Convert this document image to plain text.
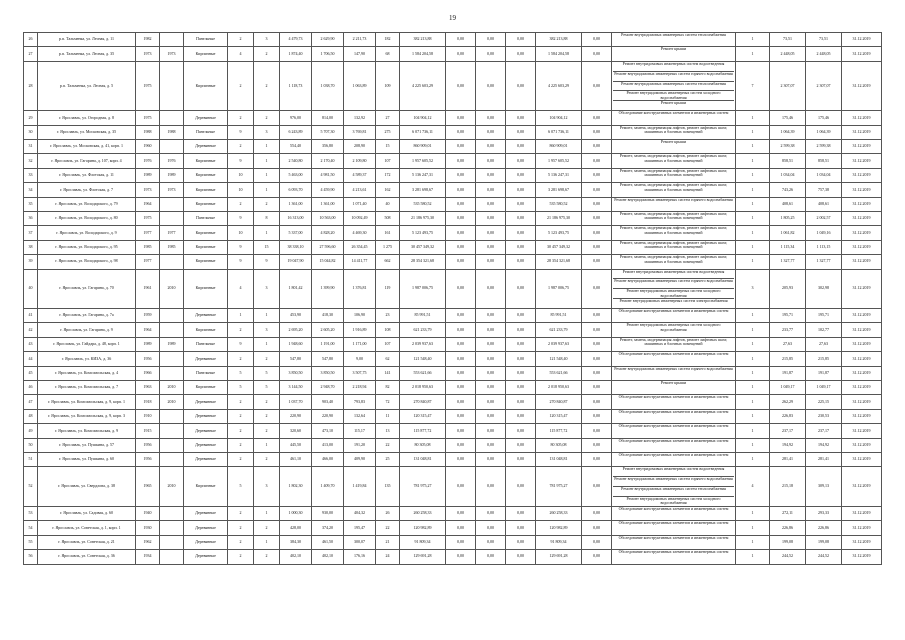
19
26	р.п. Тальменка, ул. Лесная, д. 11	1982		Панельные	2	3	4 479,73	2 629,90	2 211,73	182	382 213,88	0,00	0,00	0,00	382 213,88	0,00	Ремонт внутридомовых инженерных систем теплоснабжения	1	73,51	73,51	31.12.2019
27	р.п. Тальменка, ул. Лесная, д. 35	1973	1973	Кирпичные	4	2	1 874,40	1 706,50	147,90	68	1 584 204,58	0,00	0,00	0,00	1 584 204,58	0,00	Ремонт крыши	1	2 448,05	2 448,05	31.12.2019
28	р.п. Тальменка, ул. Лесная, д. 5	1975		Кирпичные	2	2	1 118,73	1 038,70	1 063,89	109	4 225 603,29	0,00	0,00	0,00	4 225 603,29	0,00	Ремонт внутридомовых инженерных систем водоотведения
Ремонт внутридомовых инженерных систем горячего водоснабжения
Ремонт внутридомовых инженерных систем теплоснабжения
Ремонт внутридомовых инженерных систем холодного водоснабжения
Ремонт крыши	7	2 307,07	2 307,07	31.12.2019
29	г. Ярославль, ул. Огородная, д. 8	1975		Деревянные	2	2	976,00	814,00	132,92	27	104 904,12	0,00	0,00	0,00	104 904,12	0,00	Обследование конструктивных элементов и инженерных систем	1	175,46	175,46	31.12.2019
30	г. Ярославль, ул. Московская, д. 35	1988	1988	Панельные	9	3	6 243,89	5 707,30	3 769,81	275	6 071 736,11	0,00	0,00	0,00	6 071 736,11	0,00	Ремонт, замена, модернизация лифтов, ремонт лифтовых шахт, машинных и блочных помещений	1	1 064,39	1 064,39	31.12.2019
31	г. Ярославль, ул. Московская, д. 41, корп. 1	1960		Деревянные	2	1	554,40	356,80	208,90	15	860 909,01	0,00	0,00	0,00	860 909,01	0,00	Ремонт крыши	1	2 599,38	2 599,38	31.12.2019
32	г. Ярославль, ул. Гагарина, д. 107, корп. 4	1976	1976	Кирпичные	9	1	2 540,80	2 170,40	2 109,80	107	1 957 605,52	0,00	0,00	0,00	1 957 605,52	0,00	Ремонт, замена, модернизация лифтов, ремонт лифтовых шахт, машинных и блочных помещений	1	858,51	858,51	31.12.2019
33	г. Ярославль, ул. Флотская, д. 11	1989	1989	Кирпичные	10	1	5 463,00	4 981,50	4 589,37	172	5 136 247,31	0,00	0,00	0,00	5 136 247,31	0,00	Ремонт, замена, модернизация лифтов, ремонт лифтовых шахт, машинных и блочных помещений	1	1 034,04	1 034,04	31.12.2019
34	г. Ярославль, ул. Флотская, д. 7	1973	1973	Кирпичные	10	1	6 093,70	4 459,90	4 213,61	162	3 281 698,67	0,00	0,00	0,00	3 281 698,67	0,00	Ремонт, замена, модернизация лифтов, ремонт лифтовых шахт, машинных и блочных помещений	1	743,26	757,38	31.12.2019
35	г. Ярославль, ул. Володарского, д. 79	1964		Кирпичные	2	2	1 361,00	1 361,00	1 071,40	40	535 580,52	0,00	0,00	0,00	535 580,52	0,00	Ремонт внутридомовых инженерных систем горячего водоснабжения	1	408,61	408,61	31.12.2019
36	г. Ярославль, ул. Володарского, д. 80	1975		Панельные	9	8	16 313,00	10 563,00	10 092,49	508	21 186 975,30	0,00	0,00	0,00	21 186 975,30	0,00	Ремонт, замена, модернизация лифтов, ремонт лифтовых шахт, машинных и блочных помещений	1	1 805,25	2 002,57	31.12.2019
37	г. Ярославль, ул. Володарского, д. 9	1977	1977	Кирпичные	10	1	5 337,00	4 828,20	4 469,30	161	5 123 493,75	0,00	0,00	0,00	5 123 493,75	0,00	Ремонт, замена, модернизация лифтов, ремонт лифтовых шахт, машинных и блочных помещений	1	1 061,82	1 049,16	31.12.2019
38	г. Ярославль, ул. Володарского, д. 95	1985	1985	Кирпичные	9	15	38 338,10	27 596,60	26 354,45	1 275	30 457 349,32	0,00	0,00	0,00	30 457 349,32	0,00	Ремонт, замена, модернизация лифтов, ремонт лифтовых шахт, машинных и блочных помещений	1	1 115,34	1 113,15	31.12.2019
39	г. Ярославль, ул. Володарского, д. 98	1977		Кирпичные	9	9	19 047,90	15 044,82	14 411,77	662	28 354 321,68	0,00	0,00	0,00	28 354 321,68	0,00	Ремонт, замена, модернизация лифтов, ремонт лифтовых шахт, машинных и блочных помещений	1	1 327,77	1 327,77	31.12.2019
40	г. Ярославль, ул. Гагарина, д. 70	1961	2010	Кирпичные	4	3	1 801,42	1 399,90	1 376,81	119	1 987 006,75	0,00	0,00	0,00	1 987 006,75	0,00	Ремонт внутридомовых инженерных систем водоотведения
Ремонт внутридомовых инженерных систем горячего водоснабжения
Ремонт внутридомовых инженерных систем холодного водоснабжения
Ремонт внутридомовых инженерных систем электроснабжения	3	205,93	302,98	31.12.2019
41	г. Ярославль, ул. Гагарина, д. 7а	1959		Деревянные	1	1	453,90	418,30	106,90	23	85 991,51	0,00	0,00	0,00	85 991,51	0,00	Обследование конструктивных элементов и инженерных систем	1	195,71	195,71	31.12.2019
42	г. Ярославль, ул. Гагарина, д. 9	1964		Кирпичные	2	3	2 695,20	2 605,20	1 916,89	108	621 233,79	0,00	0,00	0,00	621 233,79	0,00	Ремонт внутридомовых инженерных систем холодного водоснабжения	1	233,77	102,77	31.12.2019
43	г. Ярославль, ул. Гайдара, д. 48, корп. 1	1989	1989	Панельные	9	1	1 948,60	1 191,00	1 171,00	107	2 039 937,63	0,00	0,00	0,00	2 039 937,63	0,00	Ремонт, замена, модернизация лифтов, ремонт лифтовых шахт, машинных и блочных помещений	1	27,63	27,63	31.12.2019
44	г. Ярославль, ул. КИЗА, д. 36	1956		Деревянные	2	2	547,80	547,80	9,00	62	121 548,40	0,00	0,00	0,00	121 548,40	0,00	Обследование конструктивных элементов и инженерных систем	1	215,85	215,85	31.12.2019
45	г. Ярославль, ул. Комсомольская, д. 4	1966		Панельные	5	5	3 850,50	3 850,50	3 507,75	141	553 621,66	0,00	0,00	0,00	553 621,66	0,00	Ремонт внутридомовых инженерных систем горячего водоснабжения	1	191,87	191,87	31.12.2019
46	г. Ярославль, ул. Комсомольская, д. 7	1963	2010	Кирпичные	5	5	3 144,50	2 948,70	2 218,94	82	2 018 950,63	0,00	0,00	0,00	2 018 950,63	0,00	Ремонт крыши	1	1 049,17	1 049,17	31.12.2019
47	г. Ярославль, ул. Комсомольская, д. 9, корп. 1	1918	2010	Деревянные	2	2	1 037,70	903,40	793,83	72	270 840,87	0,00	0,00	0,00	270 840,87	0,00	Обследование конструктивных элементов и инженерных систем	1	262,29	225,15	31.12.2019
48	г. Ярославль, ул. Комсомольская, д. 9, корп. 3	1910		Деревянные	2	2	220,90	220,90	132,64	11	120 315,47	0,00	0,00	0,00	120 315,47	0,00	Обследование конструктивных элементов и инженерных систем	1	226,83	230,53	31.12.2019
49	г. Ярославль, ул. Комсомольская, д. 9	1915		Деревянные	2	2	320,60	473,10	115,17	13	115 877,72	0,00	0,00	0,00	115 877,72	0,00	Обследование конструктивных элементов и инженерных систем	1	237,17	237,17	31.12.2019
50	г. Ярославль, ул. Пушкина, д. 57	1956		Деревянные	2	1	445,50	413,00	191,20	22	80 305,08	0,00	0,00	0,00	80 305,08	0,00	Обследование конструктивных элементов и инженерных систем	1	194,92	194,92	31.12.2019
51	г. Ярославль, ул. Пушкина, д. 60	1956		Деревянные	2	2	461,10	466,00	409,90	25	131 048,81	0,00	0,00	0,00	131 048,81	0,00	Обследование конструктивных элементов и инженерных систем	1	281,41	281,41	31.12.2019
52	г. Ярославль, ул. Свердлова, д. 38	1965	2010	Кирпичные	5	3	1 802,30	1 409,70	1 419,84	135	781 975,27	0,00	0,00	0,00	781 975,27	0,00	Ремонт внутридомовых инженерных систем водоотведения
Ремонт внутридомовых инженерных систем горячего водоснабжения
Ремонт внутридомовых инженерных систем теплоснабжения
Ремонт внутридомовых инженерных систем холодного водоснабжения	4	215,18	309,13	31.12.2019
53	г. Ярославль, ул. Садовая, д. 60	1940		Деревянные	2	1	1 000,30	930,00	404,32	26	260 258,33	0,00	0,00	0,00	260 258,33	0,00	Обследование конструктивных элементов и инженерных систем	1	272,11	293,33	31.12.2019
54	г. Ярославль, ул. Советская, д. 1, корп. 1	1930		Деревянные	2	2	428,00	374,20	195,47	22	120 982,89	0,00	0,00	0,00	120 982,89	0,00	Обследование конструктивных элементов и инженерных систем	1	226,86	226,86	31.12.2019
55	г. Ярославль, ул. Советская, д. 21	1962		Деревянные	2	1	384,30	461,50	300,07	21	91 809,34	0,00	0,00	0,00	91 809,34	0,00	Обследование конструктивных элементов и инженерных систем	1	199,08	199,08	31.12.2019
56	г. Ярославль, ул. Советская, д. 36	1934		Деревянные	2	2	402,10	402,10	176,16	24	129 691,28	0,00	0,00	0,00	129 691,28	0,00	Обследование конструктивных элементов и инженерных систем	1	244,52	244,52	31.12.2019
